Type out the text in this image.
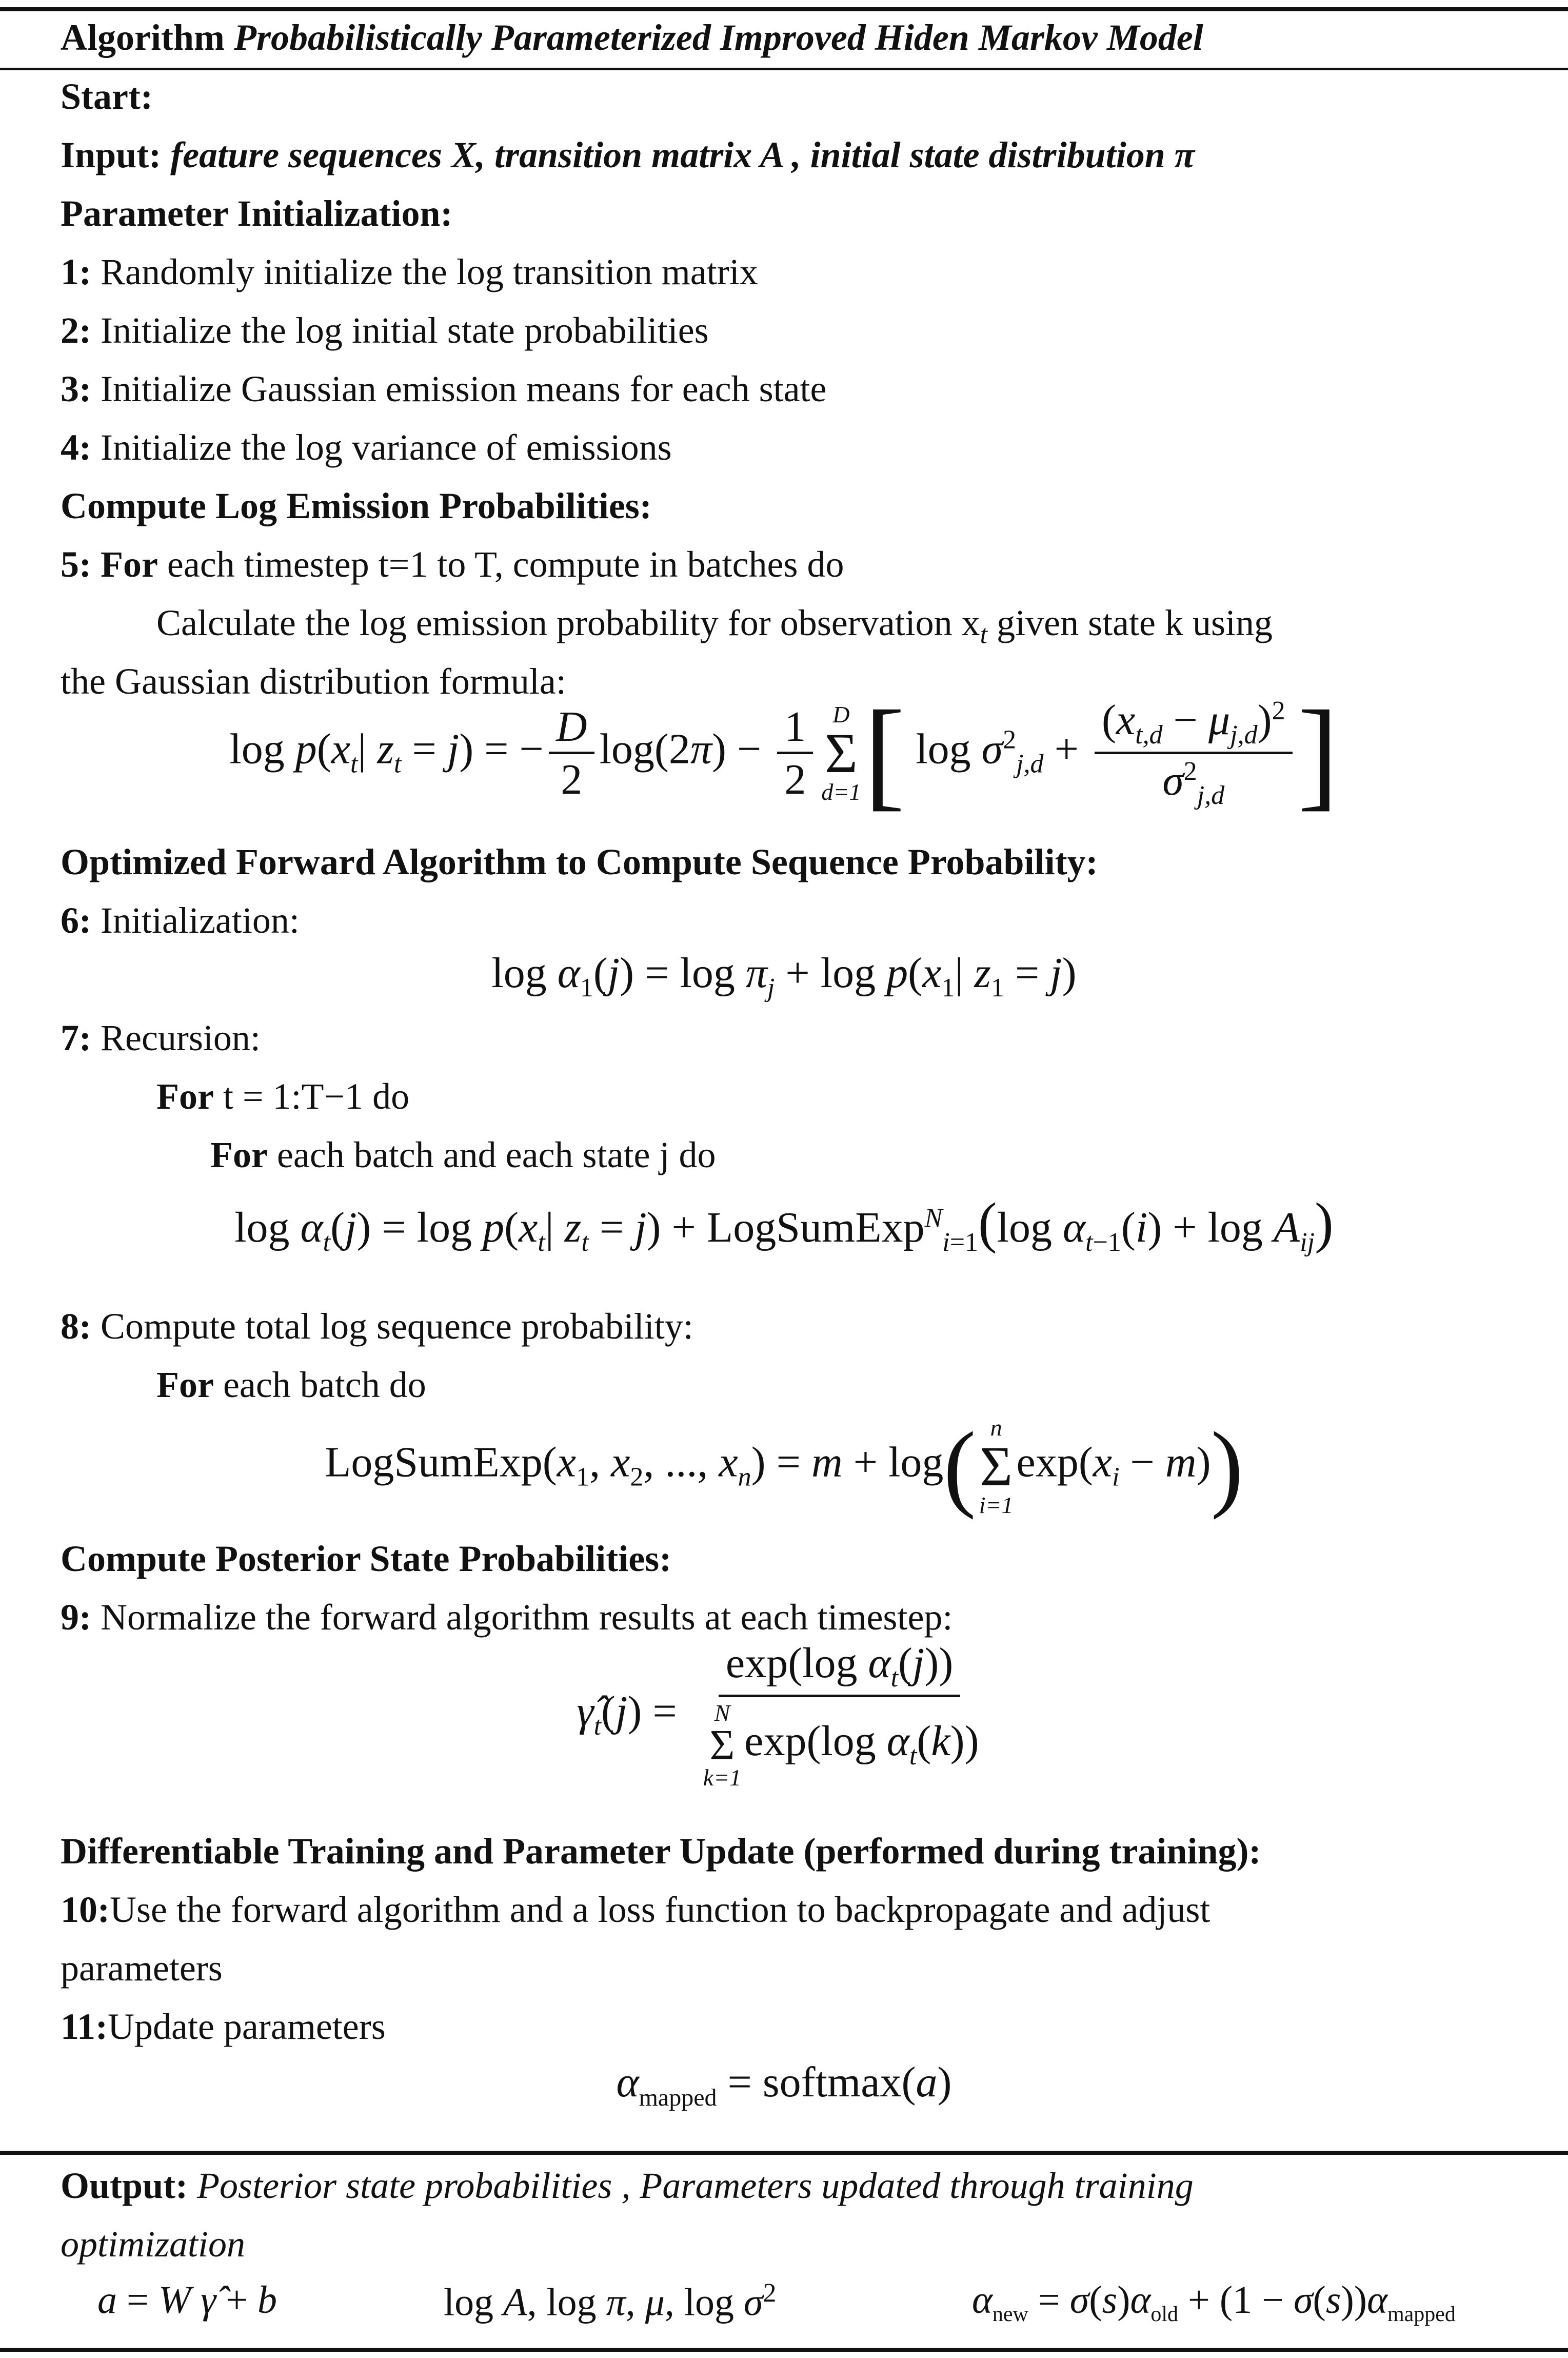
Algorithm Probabilistically Parameterized Improved Hiden Markov Model
Start:
Input: feature sequences X, transition matrix A , initial state distribution π
Parameter Initialization:
1: Randomly initialize the log transition matrix
2: Initialize the log initial state probabilities
3: Initialize Gaussian emission means for each state
4: Initialize the log variance of emissions
Compute Log Emission Probabilities:
5: For each timestep t=1 to T, compute in batches do
Calculate the log emission probability for observation $x_t$ given state k using
the Gaussian distribution formula:
$\log p(x_t|$ $z_t = j$) = − $\frac{D}{2} \log(2\pi) - \frac{1}{2}$ D
Σ
d=1 [ $\log \sigma^2_{j,d} + \frac{(x_{t,d} - \mu_{j,d})^2}{\sigma^2_{j,d}}$ ]
Optimized Forward Algorithm to Compute Sequence Probability:
6: Initialization:
$\log \alpha_1(j) = \log \pi_j + \log p(x_1|$ $z_1 = j$)
7: Recursion:
For t = 1:T−1 do
For each batch and each state j do
$\log \alpha_t(j) = \log p(x_t|$ $z_t = j$) + LogSumExp$^N_{i=1}$(log $\alpha_{t-1}(i) + \log A_{ij}$)
8: Compute total log sequence probability:
For each batch do
$LogSumExp(x_1$, $x_2$, ..., $x_n) = m + \log$( n
Σ
i=1
$\exp(x_i - m)$)
Compute Posterior State Probabilities:
9: Normalize the forward algorithm results at each timestep:
$\gammâ_t(j) = \exp(\log$ $\alpha_t(j)$)
N
Σ
k=1
exp(log $\alpha_t(k)$)
Differentiable Training and Parameter Update (performed during training):
10:Use the forward algorithm and a loss function to backpropagate and adjust
parameters
11:Update parameters
$\alpha_{mapped}$ = softmax(a)
Output: Posterior state probabilities , Parameters updated through training
optimization
a = W γ̂ + b	log A, log π, μ, $\log \sigma^2$	$\alpha_{new} = \sigma(s)\alpha_{old} + (1 - \sigma(s))\alpha_{mapped}$
